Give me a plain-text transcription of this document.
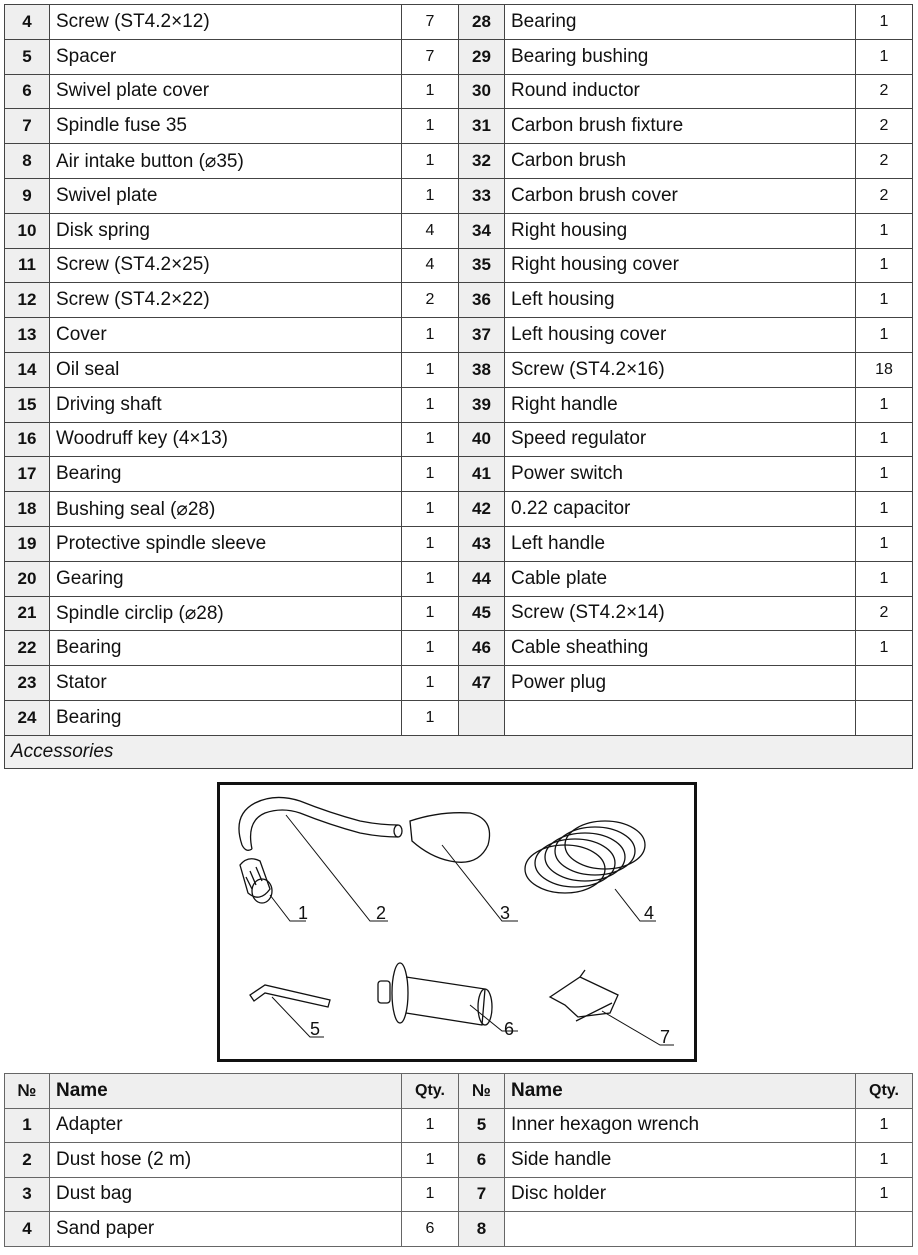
4	Screw (ST4.2×12)	7	28	Bearing	1
5	Spacer	7	29	Bearing bushing	1
6	Swivel plate cover	1	30	Round inductor	2
7	Spindle fuse 35	1	31	Carbon brush fixture	2
8	Air intake button (⌀35)	1	32	Carbon brush	2
9	Swivel plate	1	33	Carbon brush cover	2
10	Disk spring	4	34	Right housing	1
11	Screw (ST4.2×25)	4	35	Right housing cover	1
12	Screw (ST4.2×22)	2	36	Left housing	1
13	Cover	1	37	Left housing cover	1
14	Oil seal	1	38	Screw (ST4.2×16)	18
15	Driving shaft	1	39	Right handle	1
16	Woodruff key (4×13)	1	40	Speed regulator	1
17	Bearing	1	41	Power switch	1
18	Bushing seal (⌀28)	1	42	0.22 capacitor	1
19	Protective spindle sleeve	1	43	Left handle	1
20	Gearing	1	44	Cable plate	1
21	Spindle circlip (⌀28)	1	45	Screw (ST4.2×14)	2
22	Bearing	1	46	Cable sheathing	1
23	Stator	1	47	Power plug	
24	Bearing	1			
Accessories					
1	2	3	4
5	6	7
№	Name	Qty.	№	Name	Qty.
1	Adapter	1	5	Inner hexagon wrench	1
2	Dust hose (2 m)	1	6	Side handle	1
3	Dust bag	1	7	Disc holder	1
4	Sand paper	6	8		
